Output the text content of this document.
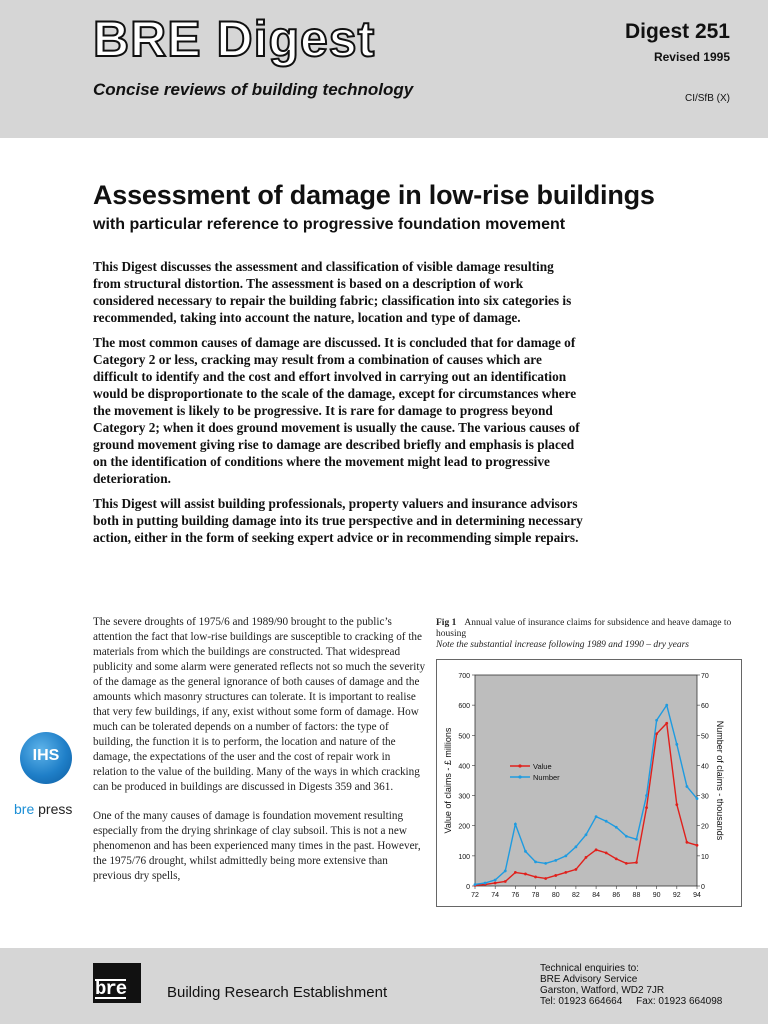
BRE Digest
Concise reviews of building technology
Digest 251
Revised 1995
CI/SfB (X)
Assessment of damage in low-rise buildings
with particular reference to progressive foundation movement

This Digest discusses the assessment and classification of visible damage resulting from structural distortion. The assessment is based on a description of work considered necessary to repair the building fabric; classification into six categories is recommended, taking into account the nature, location and type of damage.

The most common causes of damage are discussed. It is concluded that for damage of Category 2 or less, cracking may result from a combination of causes which are difficult to identify and the cost and effort involved in carrying out an identification would be disproportionate to the scale of the damage, except for circumstances where the movement is likely to be progressive. It is rare for damage to progress beyond Category 2; when it does ground movement is usually the cause. The various causes of ground movement giving rise to damage are described briefly and emphasis is placed on the identification of conditions where the movement might lead to progressive deterioration.

This Digest will assist building professionals, property valuers and insurance advisors both in putting building damage into its true perspective and in determining necessary action, either in the form of seeking expert advice or in recommending simple repairs.

The severe droughts of 1975/6 and 1989/90 brought to the public’s attention the fact that low-rise buildings are susceptible to cracking of the materials from which the buildings are constructed. That widespread publicity and some alarm were generated reflects not so much the severity of the damage as the general ignorance of both causes of damage and the amounts which masonry structures can tolerate. It is important to realise that very few buildings, if any, exist without some form of damage. How much can be tolerated depends on a number of factors: the type of building, the function it is to perform, the location and nature of the damage, the expectations of the user and the cost of repair work in relation to the value of the building. Many of the ways in which cracking can be produced in buildings are discussed in Digests 359 and 361.

One of the many causes of damage is foundation movement resulting especially from the drying shrinkage of clay subsoil. This is not a new phenomenon and has been experienced many times in the past. However, the 1975/76 drought, whilst admittedly being more extensive than previous dry spells,

IHS
bre press
Fig 1 Annual value of insurance claims for subsidence and heave damage to housing
Note the substantial increase following 1989 and 1990 – dry years
0
100
200
300
400
500
600
700
0
10
20
30
40
50
60
70
72 74 76 78 80 82 84 86 88 90 92 94
Value of claims - £ millions	Number of claims - thousands
Value
Number
bre	Building Research Establishment
Technical enquiries to:
BRE Advisory Service
Garston, Watford, WD2 7JR
Tel: 01923 664664     Fax: 01923 664098
